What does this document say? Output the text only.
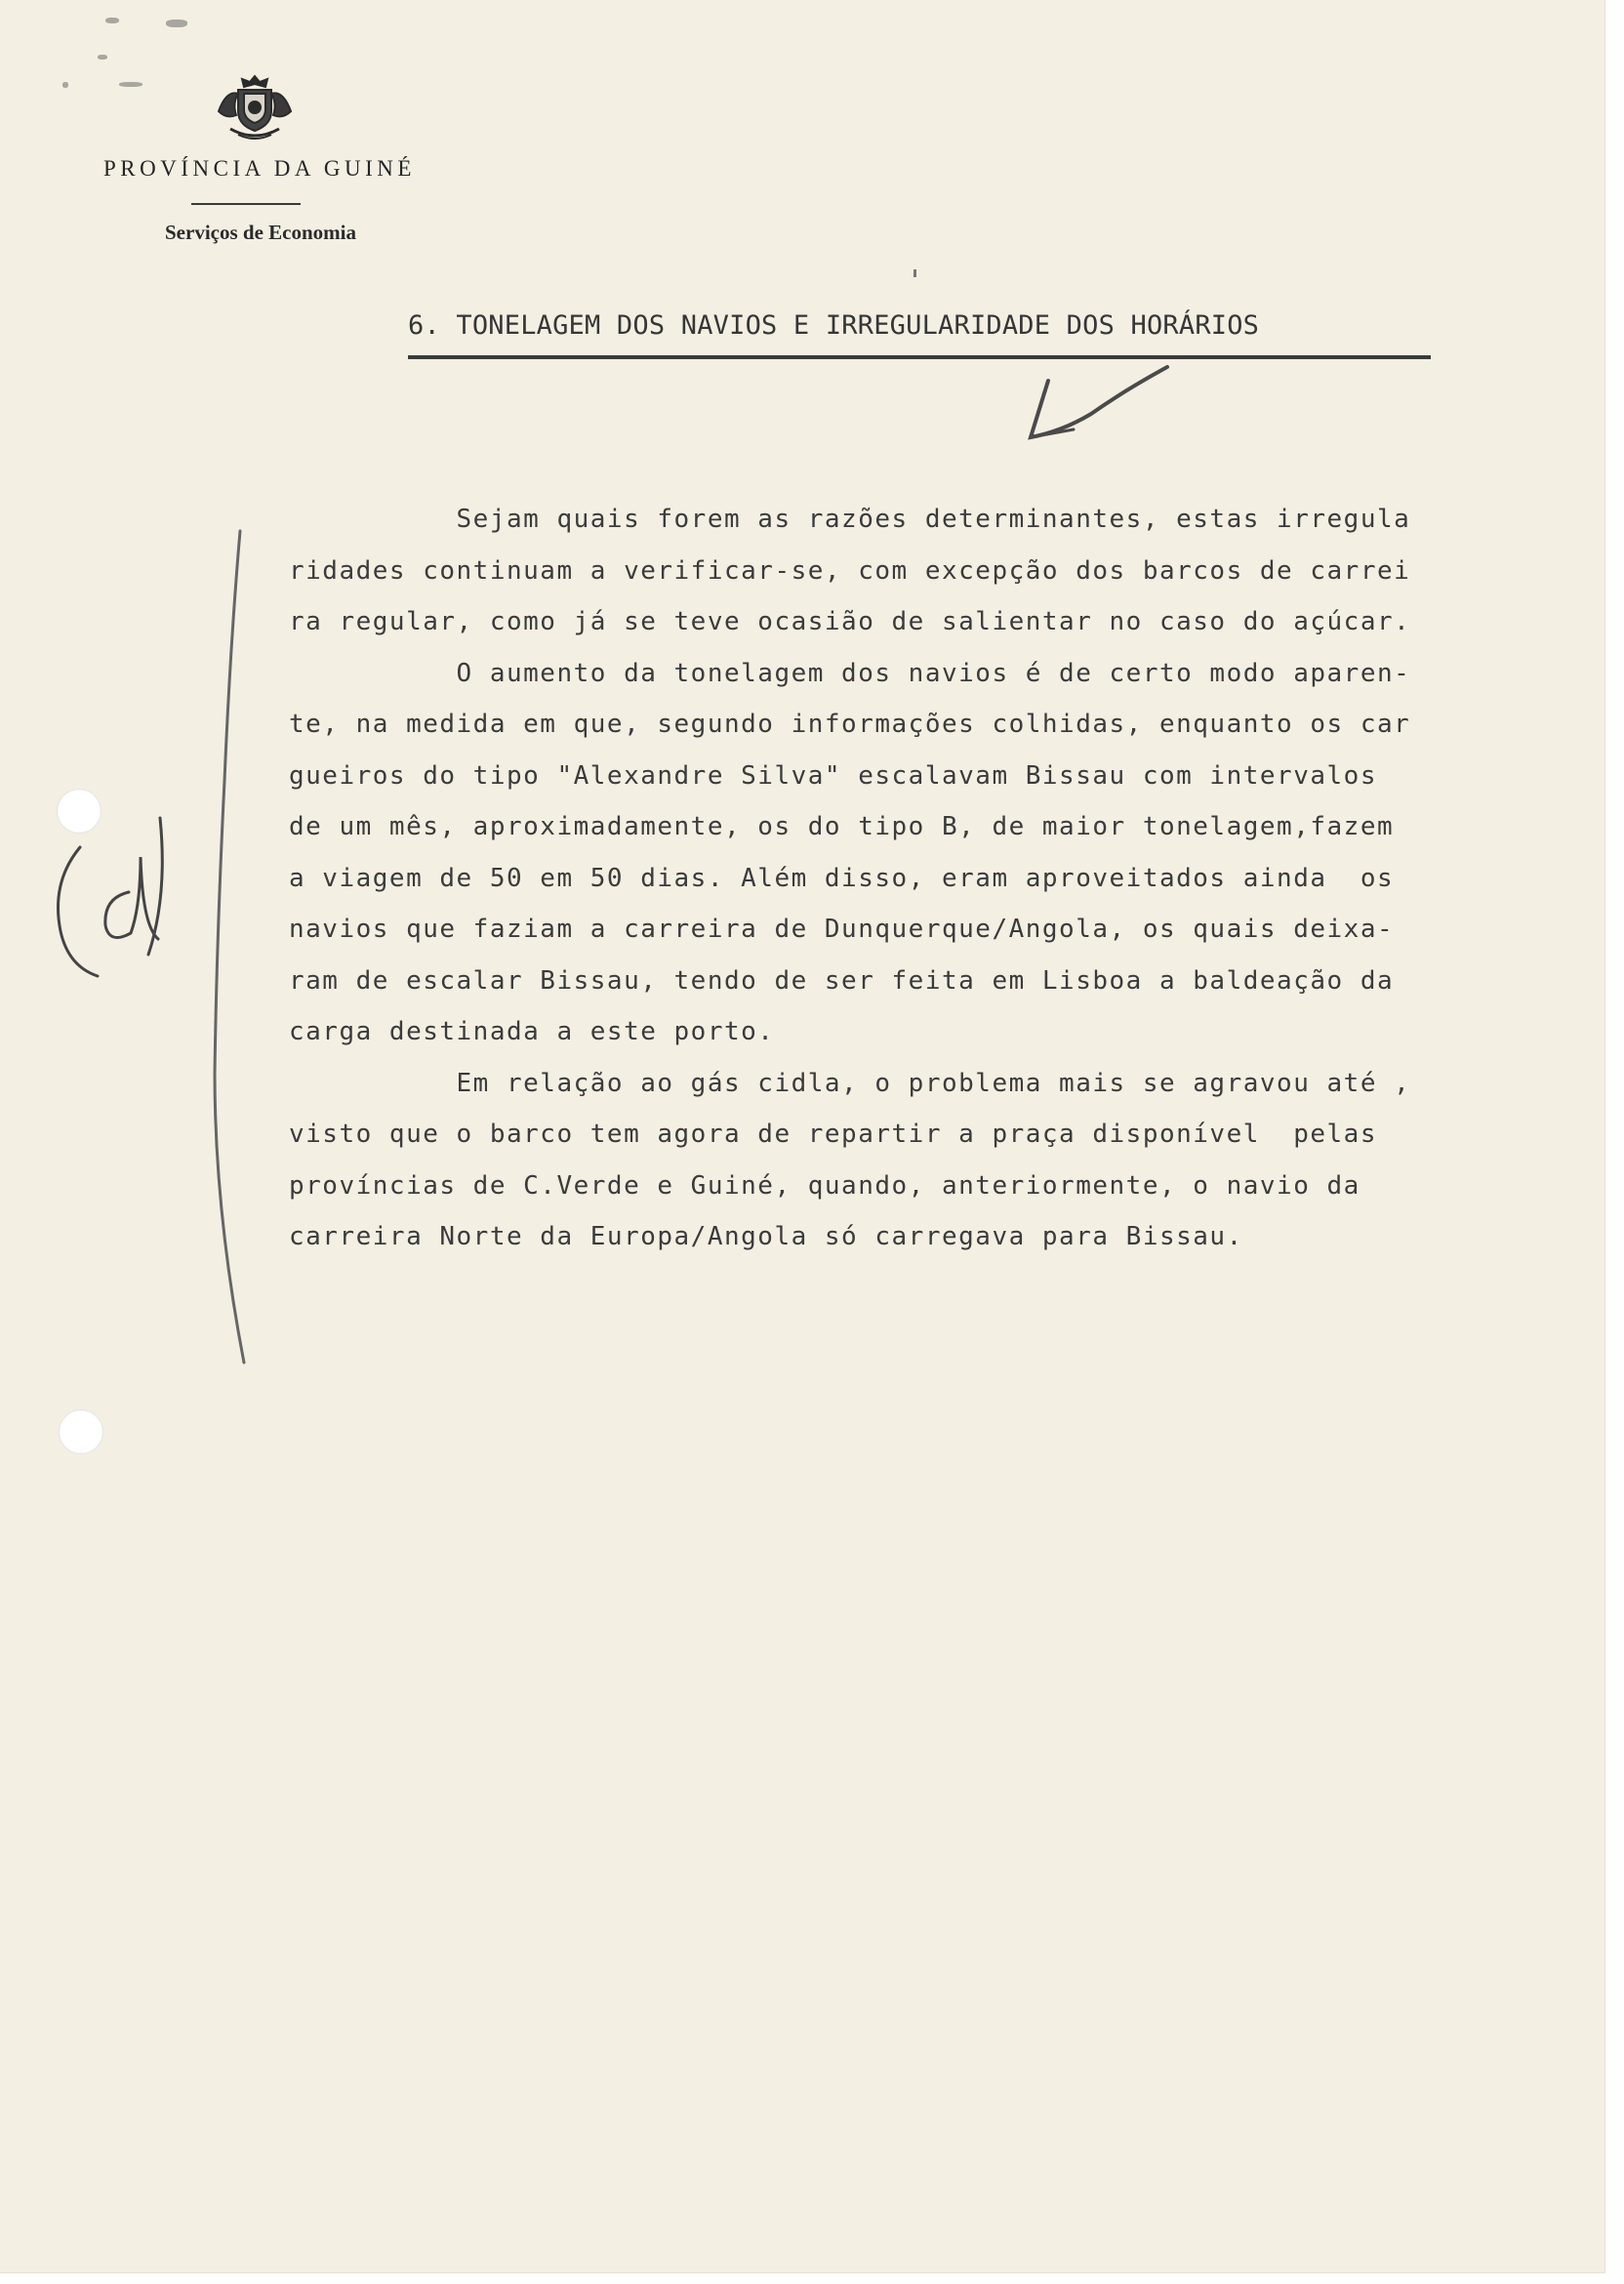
PROVÍNCIA DA GUINÉ
Serviços de Economia
6. TONELAGEM DOS NAVIOS E IRREGULARIDADE DOS HORÁRIOS
Sejam quais forem as razões determinantes, estas irregula
ridades continuam a verificar-se, com excepção dos barcos de carrei
ra regular, como já se teve ocasião de salientar no caso do açúcar.
O aumento da tonelagem dos navios é de certo modo aparen-
te, na medida em que, segundo informações colhidas, enquanto os car
gueiros do tipo "Alexandre Silva" escalavam Bissau com intervalos
de um mês, aproximadamente, os do tipo B, de maior tonelagem,fazem
a viagem de 50 em 50 dias. Além disso, eram aproveitados ainda  os
navios que faziam a carreira de Dunquerque/Angola, os quais deixa-
ram de escalar Bissau, tendo de ser feita em Lisboa a baldeação da
carga destinada a este porto.
Em relação ao gás cidla, o problema mais se agravou até ,
visto que o barco tem agora de repartir a praça disponível  pelas
províncias de C.Verde e Guiné, quando, anteriormente, o navio da
carreira Norte da Europa/Angola só carregava para Bissau.
